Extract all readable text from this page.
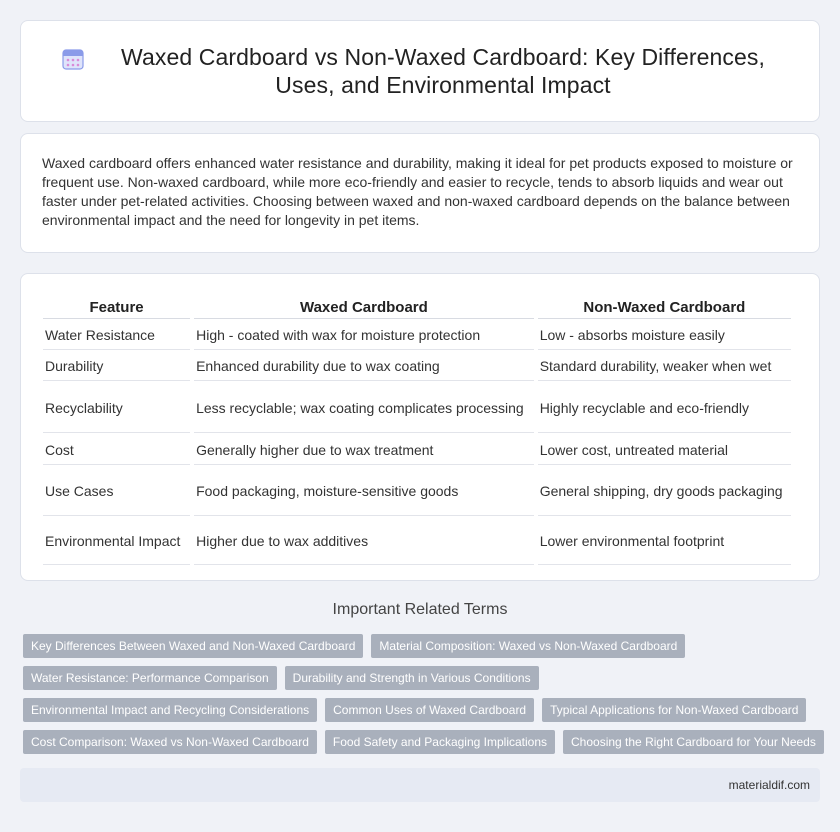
Waxed Cardboard vs Non-Waxed Cardboard: Key Differences, Uses, and Environmental Impact

Waxed cardboard offers enhanced water resistance and durability, making it ideal for pet products exposed to moisture or frequent use. Non-waxed cardboard, while more eco-friendly and easier to recycle, tends to absorb liquids and wear out faster under pet-related activities. Choosing between waxed and non-waxed cardboard depends on the balance between environmental impact and the need for longevity in pet items.

Feature	Waxed Cardboard	Non-Waxed Cardboard
Water Resistance	High - coated with wax for moisture protection	Low - absorbs moisture easily
Durability	Enhanced durability due to wax coating	Standard durability, weaker when wet
Recyclability	Less recyclable; wax coating complicates processing	Highly recyclable and eco-friendly
Cost	Generally higher due to wax treatment	Lower cost, untreated material
Use Cases	Food packaging, moisture-sensitive goods	General shipping, dry goods packaging
Environmental Impact	Higher due to wax additives	Lower environmental footprint
Important Related Terms
Key Differences Between Waxed and Non-Waxed Cardboard	Material Composition: Waxed vs Non-Waxed Cardboard
Water Resistance: Performance Comparison	Durability and Strength in Various Conditions
Environmental Impact and Recycling Considerations	Common Uses of Waxed Cardboard	Typical Applications for Non-Waxed Cardboard
Cost Comparison: Waxed vs Non-Waxed Cardboard	Food Safety and Packaging Implications	Choosing the Right Cardboard for Your Needs
materialdif.com
